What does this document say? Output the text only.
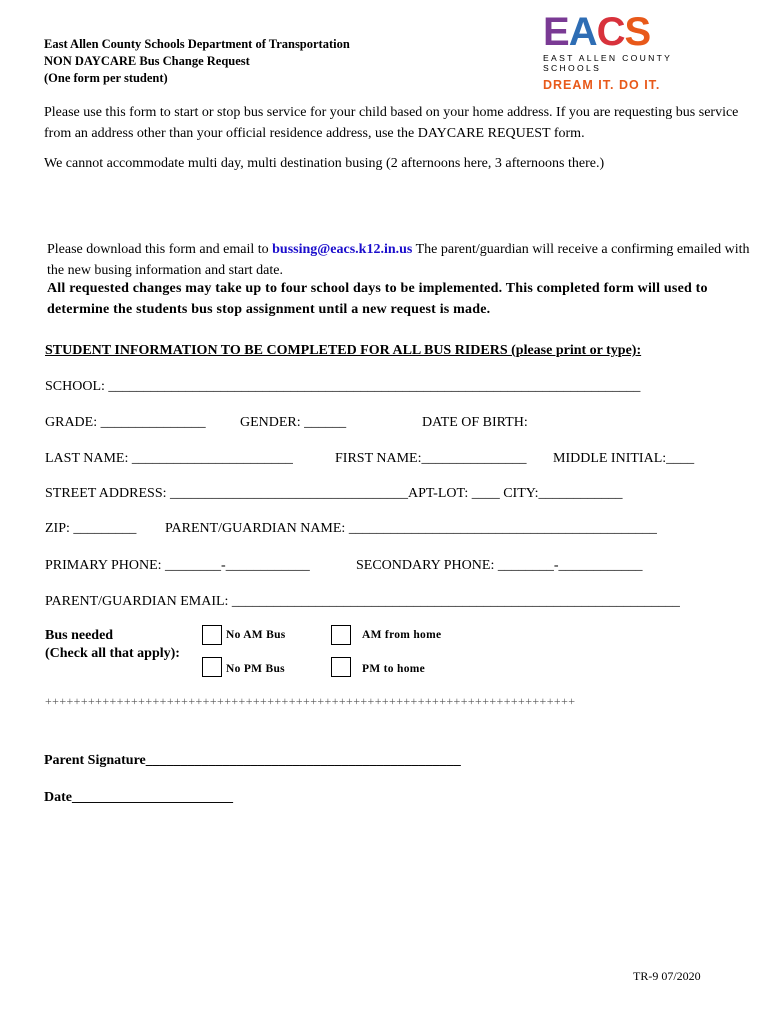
East Allen County Schools Department of Transportation
NON DAYCARE Bus Change Request
(One form per student)
E A C S
EAST ALLEN COUNTY SCHOOLS
DREAM IT. DO IT.
Please use this form to start or stop bus service for your child based on your home address. If you are requesting bus service from an address other than your official residence address, use the DAYCARE REQUEST form.
We cannot accommodate multi day, multi destination busing (2 afternoons here, 3 afternoons there.)
Please download this form and email to bussing@eacs.k12.in.us The parent/guardian will receive a confirming emailed with the new busing information and start date.
All requested changes may take up to four school days to be implemented. This completed form will used to determine the students bus stop assignment until a new request is made.
STUDENT INFORMATION TO BE COMPLETED FOR ALL BUS RIDERS (please print or type):
SCHOOL: ____________________________________________________________________________
GRADE: _______________ GENDER: ______	DATE OF BIRTH:
LAST NAME: _______________________	FIRST NAME:_______________ MIDDLE INITIAL:____
STREET ADDRESS: __________________________________APT-LOT: ____ CITY:____________
ZIP: _________ PARENT/GUARDIAN NAME: ____________________________________________
PRIMARY PHONE: ________-____________	SECONDARY PHONE: ________-____________
PARENT/GUARDIAN EMAIL: ________________________________________________________________
Bus needed
(Check all that apply):
No AM Bus	AM from home
No PM Bus	PM to home
++++++++++++++++++++++++++++++++++++++++++++++++++++++++++++++++++++++++++
Parent Signature_____________________________________________
Date_______________________
TR-9 07/2020
